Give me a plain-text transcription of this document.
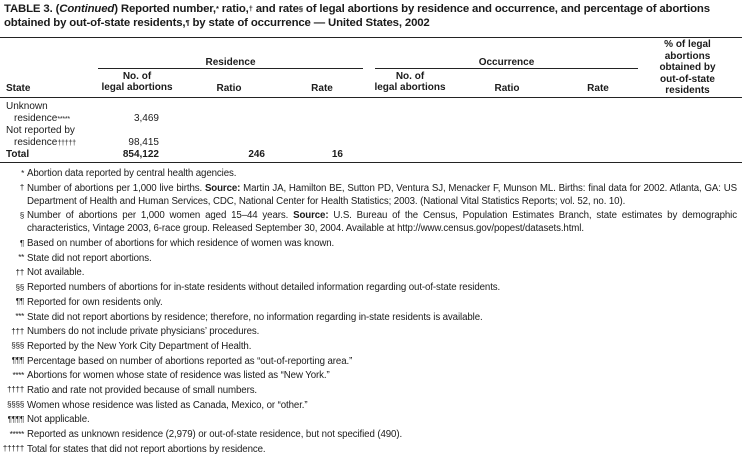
TABLE 3. (Continued) Reported number,* ratio,† and rate§ of legal abortions by residence and occurrence, and percentage of abortions obtained by out-of-state residents,¶ by state of occurrence — United States, 2002
Residence	Occurrence
State
No. of
legal abortions	Ratio	Rate
No. of
legal abortions	Ratio	Rate
% of legal
abortions
obtained by
out-of-state
residents
Unknown
residence*****	3,469
Not reported by
residence†††††	98,415
Total	854,122	246	16
* Abortion data reported by central health agencies.
† Number of abortions per 1,000 live births. Source: Martin JA, Hamilton BE, Sutton PD, Ventura SJ, Menacker F, Munson ML. Births: final data for 2002. Atlanta, GA: US Department of Health and Human Services, CDC, National Center for Health Statistics; 2003. (National Vital Statistics Reports; vol. 52, no. 10).
§ Number of abortions per 1,000 women aged 15–44 years. Source: U.S. Bureau of the Census, Population Estimates Branch, state estimates by demographic characteristics, Vintage 2003, 6-race group. Released September 30, 2004. Available at http://www.census.gov/popest/datasets.html.
¶ Based on number of abortions for which residence of women was known.
** State did not report abortions.
†† Not available.
§§ Reported numbers of abortions for in-state residents without detailed information regarding out-of-state residents.
¶¶ Reported for own residents only.
*** State did not report abortions by residence; therefore, no information regarding in-state residents is available.
††† Numbers do not include private physicians’ procedures.
§§§ Reported by the New York City Department of Health.
¶¶¶ Percentage based on number of abortions reported as “out-of-reporting area.”
**** Abortions for women whose state of residence was listed as “New York.”
†††† Ratio and rate not provided because of small numbers.
§§§§ Women whose residence was listed as Canada, Mexico, or “other.”
¶¶¶¶ Not applicable.
***** Reported as unknown residence (2,979) or out-of-state residence, but not specified (490).
††††† Total for states that did not report abortions by residence.
